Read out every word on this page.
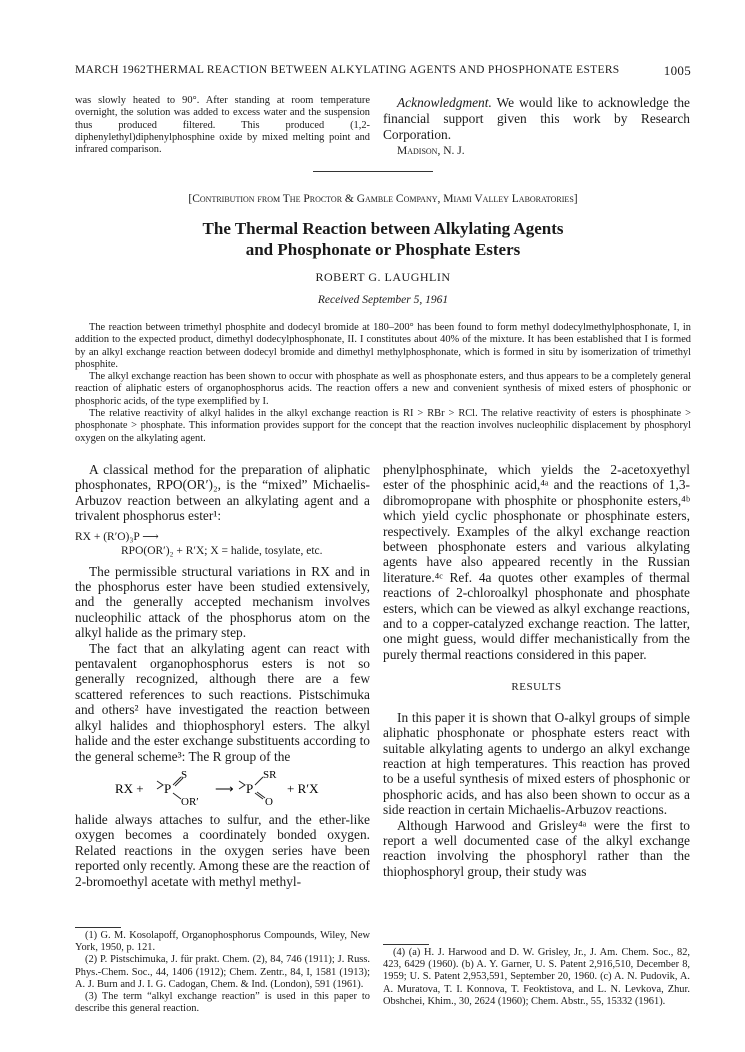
MARCH 1962 THERMAL REACTION BETWEEN ALKYLATING AGENTS AND PHOSPHONATE ESTERS	1005

was slowly heated to 90°. After standing at room temperature overnight, the solution was added to excess water and the suspension thus produced filtered. This produced (1,2-diphenylethyl)diphenylphosphine oxide by mixed melting point and infrared comparison.

Acknowledgment. We would like to acknowledge the financial support given this work by Research Corporation.

Madison, N. J.

[Contribution from The Proctor & Gamble Company, Miami Valley Laboratories]
The Thermal Reaction between Alkylating Agents
and Phosphonate or Phosphate Esters
ROBERT G. LAUGHLIN
Received September 5, 1961

The reaction between trimethyl phosphite and dodecyl bromide at 180–200° has been found to form methyl dodecylmethylphosphonate, I, in addition to the expected product, dimethyl dodecylphosphonate, II. I constitutes about 40% of the mixture. It has been established that I is formed by an alkyl exchange reaction between dodecyl bromide and dimethyl methylphosphonate, which is formed in situ by isomerization of trimethyl phosphite.

The alkyl exchange reaction has been shown to occur with phosphate as well as phosphonate esters, and thus appears to be a completely general reaction of aliphatic esters of organophosphorus acids. The reaction offers a new and convenient synthesis of mixed esters of phosphonic or phosphoric acids, of the type exemplified by I.

The relative reactivity of alkyl halides in the alkyl exchange reaction is RI > RBr > RCl. The relative reactivity of esters is phosphinate > phosphonate > phosphate. This information provides support for the concept that the reaction involves nucleophilic displacement by phosphoryl oxygen on the alkylating agent.

A classical method for the preparation of aliphatic phosphonates, RPO(OR′)₂, is the “mixed” Michaelis-Arbuzov reaction between an alkylating agent and a trivalent phosphorus ester¹:

RX + (R′O)₃P ⟶
RPO(OR′)₂ + R′X; X = halide, tosylate, etc.

The permissible structural variations in RX and in the phosphorus ester have been studied extensively, and the generally accepted mechanism involves nucleophilic attack of the phosphorus atom on the alkyl halide as the primary step.

The fact that an alkylating agent can react with pentavalent organophosphorus esters is not so generally recognized, although there are a few scattered references to such reactions. Pistschimuka and others² have investigated the reaction between alkyl halides and thiophosphoryl esters. The alkyl halide and the ester exchange substituents according to the general scheme³: The R group of the

RX + P
S
OR′
⟶ P
SR
O
+ R′X

halide always attaches to sulfur, and the ether-like oxygen becomes a coordinately bonded oxygen. Related reactions in the oxygen series have been reported only recently. Among these are the reaction of 2-bromoethyl acetate with methyl methyl-

(1) G. M. Kosolapoff, Organophosphorus Compounds, Wiley, New York, 1950, p. 121.

(2) P. Pistschimuka, J. für prakt. Chem. (2), 84, 746 (1911); J. Russ. Phys.-Chem. Soc., 44, 1406 (1912); Chem. Zentr., 84, I, 1581 (1913); A. J. Burn and J. I. G. Cadogan, Chem. & Ind. (London), 591 (1961).

(3) The term “alkyl exchange reaction” is used in this paper to describe this general reaction.

phenylphosphinate, which yields the 2-acetoxyethyl ester of the phosphinic acid,⁴ᵃ and the reactions of 1,3-dibromopropane with phosphite or phosphonite esters,⁴ᵇ which yield cyclic phosphonate or phosphinate esters, respectively. Examples of the alkyl exchange reaction between phosphonate esters and various alkylating agents have also appeared recently in the Russian literature.⁴ᶜ Ref. 4a quotes other examples of thermal reactions of 2-chloroalkyl phosphonate and phosphate esters, which can be viewed as alkyl exchange reactions, and to a copper-catalyzed exchange reaction. The latter, one might guess, would differ mechanistically from the purely thermal reactions considered in this paper.

RESULTS

In this paper it is shown that O-alkyl groups of simple aliphatic phosphonate or phosphate esters react with suitable alkylating agents to undergo an alkyl exchange reaction at high temperatures. This reaction has proved to be a useful synthesis of mixed esters of phosphonic or phosphoric acids, and has also been shown to occur as a side reaction in certain Michaelis-Arbuzov reactions.

Although Harwood and Grisley⁴ᵃ were the first to report a well documented case of the alkyl exchange reaction involving the phosphoryl rather than the thiophosphoryl group, their study was

(4) (a) H. J. Harwood and D. W. Grisley, Jr., J. Am. Chem. Soc., 82, 423, 6429 (1960). (b) A. Y. Garner, U. S. Patent 2,916,510, December 8, 1959; U. S. Patent 2,953,591, September 20, 1960. (c) A. N. Pudovik, A. A. Muratova, T. I. Konnova, T. Feoktistova, and L. N. Levkova, Zhur. Obshchei, Khim., 30, 2624 (1960); Chem. Abstr., 55, 15332 (1961).
